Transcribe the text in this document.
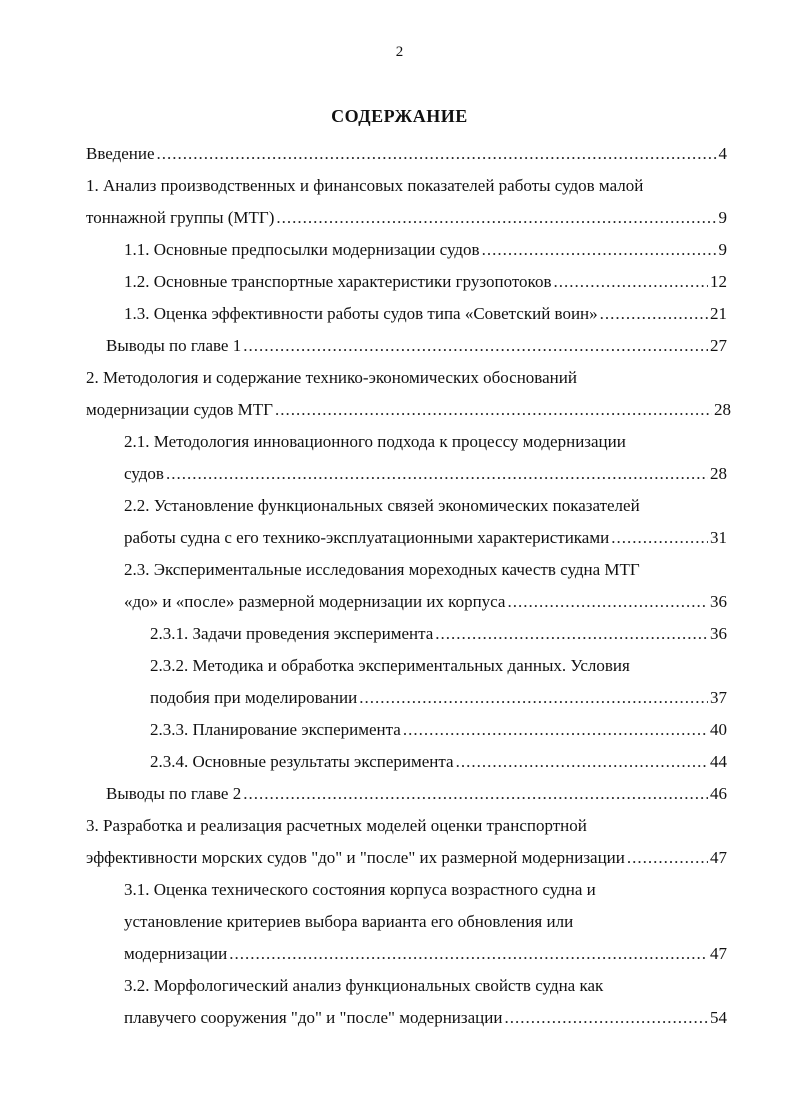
2
СОДЕРЖАНИЕ
Введение .....	4
1. Анализ производственных и финансовых показателей работы судов малой
тоннажной группы (МТГ) .....	9
1.1. Основные предпосылки модернизации судов .....	9
1.2. Основные транспортные характеристики грузопотоков .....	12
1.3. Оценка эффективности работы судов типа «Советский воин» .....	21
Выводы по главе 1 .....	27
2. Методология и содержание технико-экономических обоснований
модернизации судов МТГ .....	28
2.1. Методология инновационного подхода к процессу модернизации
судов .....	28
2.2. Установление функциональных связей экономических показателей
работы судна с его технико-эксплуатационными характеристиками .....	31
2.3. Экспериментальные исследования мореходных качеств судна МТГ
«до» и «после» размерной модернизации их корпуса .....	36
2.3.1. Задачи проведения эксперимента .....	36
2.3.2. Методика и обработка экспериментальных данных. Условия
подобия при моделировании .....	37
2.3.3. Планирование эксперимента .....	40
2.3.4. Основные результаты эксперимента .....	44
Выводы по главе 2 .....	46
3. Разработка и реализация расчетных моделей оценки транспортной
эффективности морских судов "до" и "после" их размерной модернизации .....	47
3.1. Оценка технического состояния корпуса возрастного судна и
установление критериев выбора варианта его обновления или
модернизации .....	47
3.2. Морфологический анализ функциональных свойств судна как
плавучего сооружения "до" и "после" модернизации .....	54
